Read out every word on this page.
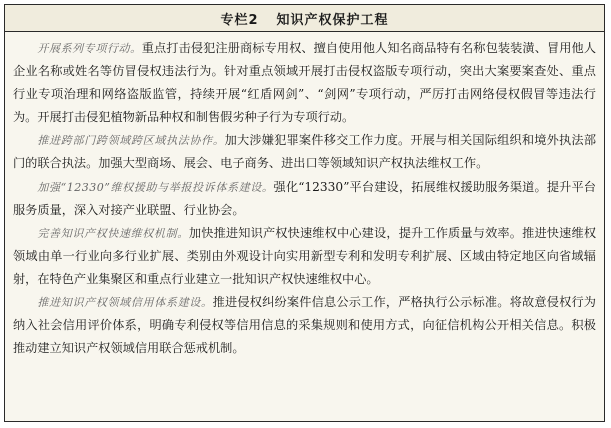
专栏2 知识产权保护工程

开展系列专项行动。重点打击侵犯注册商标专用权、擅自使用他人知名商品特有名称包装装潢、冒用他人企业名称或姓名等仿冒侵权违法行为。针对重点领域开展打击侵权盗版专项行动，突出大案要案查处、重点行业专项治理和网络盗版监管，持续开展“红盾网剑”、“剑网”专项行动，严厉打击网络侵权假冒等违法行为。开展打击侵犯植物新品种权和制售假劣种子行为专项行动。

推进跨部门跨领域跨区域执法协作。加大涉嫌犯罪案件移交工作力度。开展与相关国际组织和境外执法部门的联合执法。加强大型商场、展会、电子商务、进出口等领域知识产权执法维权工作。

加强“12330”维权援助与举报投诉体系建设。强化“12330”平台建设，拓展维权援助服务渠道。提升平台服务质量，深入对接产业联盟、行业协会。

完善知识产权快速维权机制。加快推进知识产权快速维权中心建设，提升工作质量与效率。推进快速维权领域由单一行业向多行业扩展、类别由外观设计向实用新型专利和发明专利扩展、区域由特定地区向省域辐射，在特色产业集聚区和重点行业建立一批知识产权快速维权中心。

推进知识产权领域信用体系建设。推进侵权纠纷案件信息公示工作，严格执行公示标准。将故意侵权行为纳入社会信用评价体系，明确专利侵权等信用信息的采集规则和使用方式，向征信机构公开相关信息。积极推动建立知识产权领域信用联合惩戒机制。
